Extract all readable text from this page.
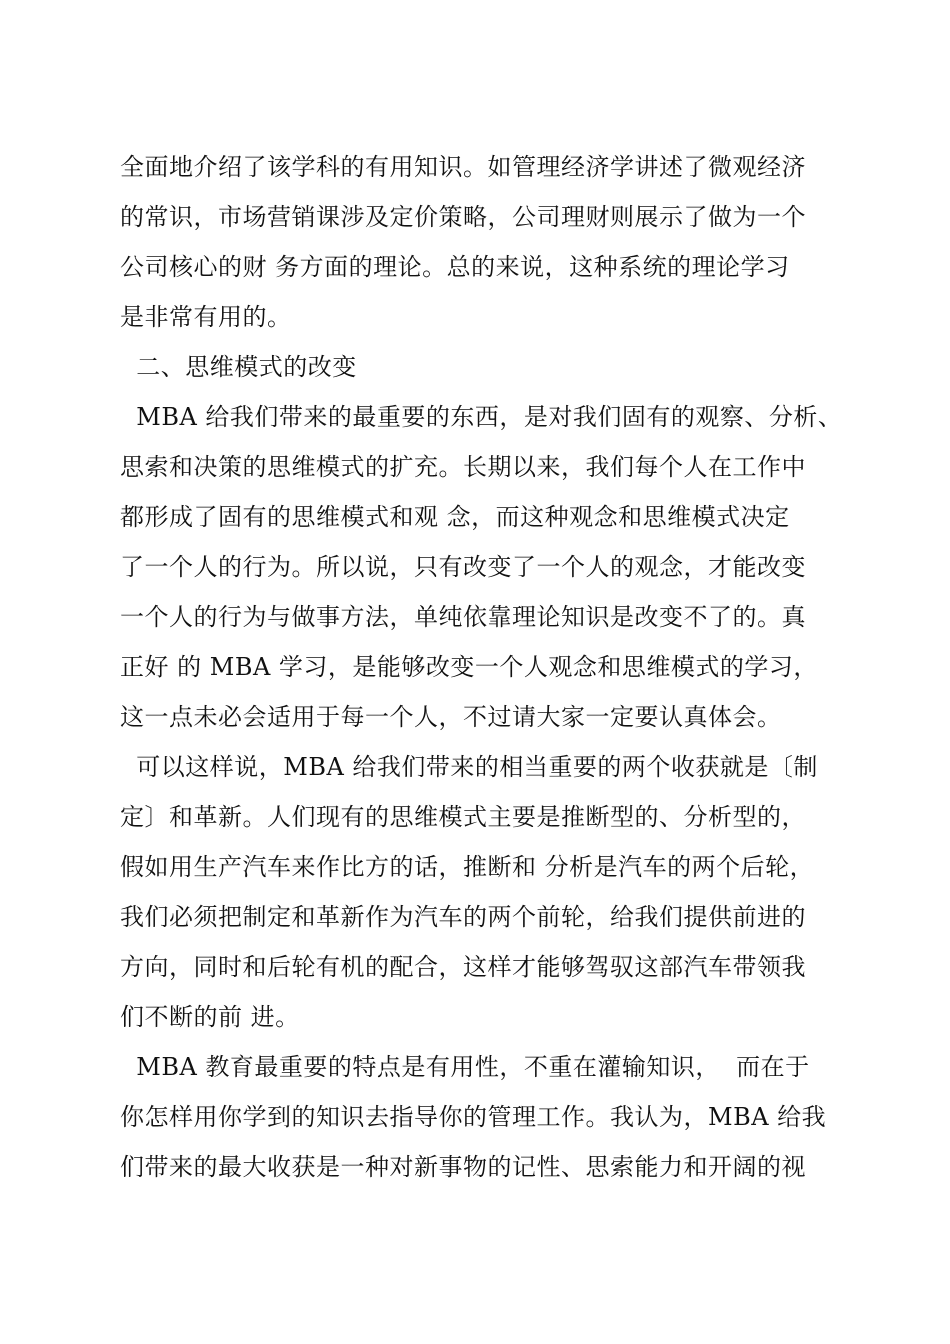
全面地介绍了该学科的有用知识。如管理经济学讲述了微观经济
的常识，市场营销课涉及定价策略，公司理财则展示了做为一个
公司核心的财 务方面的理论。总的来说，这种系统的理论学习
是非常有用的。
二、思维模式的改变
MBA 给我们带来的最重要的东西，是对我们固有的观察、分析、
思索和决策的思维模式的扩充。长期以来，我们每个人在工作中
都形成了固有的思维模式和观 念，而这种观念和思维模式决定
了一个人的行为。所以说，只有改变了一个人的观念，才能改变
一个人的行为与做事方法，单纯依靠理论知识是改变不了的。真
正好 的 MBA 学习，是能够改变一个人观念和思维模式的学习，
这一点未必会适用于每一个人，不过请大家一定要认真体会。
可以这样说，MBA 给我们带来的相当重要的两个收获就是〔制
定〕和革新。人们现有的思维模式主要是推断型的、分析型的，
假如用生产汽车来作比方的话，推断和 分析是汽车的两个后轮，
我们必须把制定和革新作为汽车的两个前轮，给我们提供前进的
方向，同时和后轮有机的配合，这样才能够驾驭这部汽车带领我
们不断的前 进。
MBA 教育最重要的特点是有用性，不重在灌输知识，  而在于
你怎样用你学到的知识去指导你的管理工作。我认为，MBA 给我
们带来的最大收获是一种对新事物的记性、思索能力和开阔的视
